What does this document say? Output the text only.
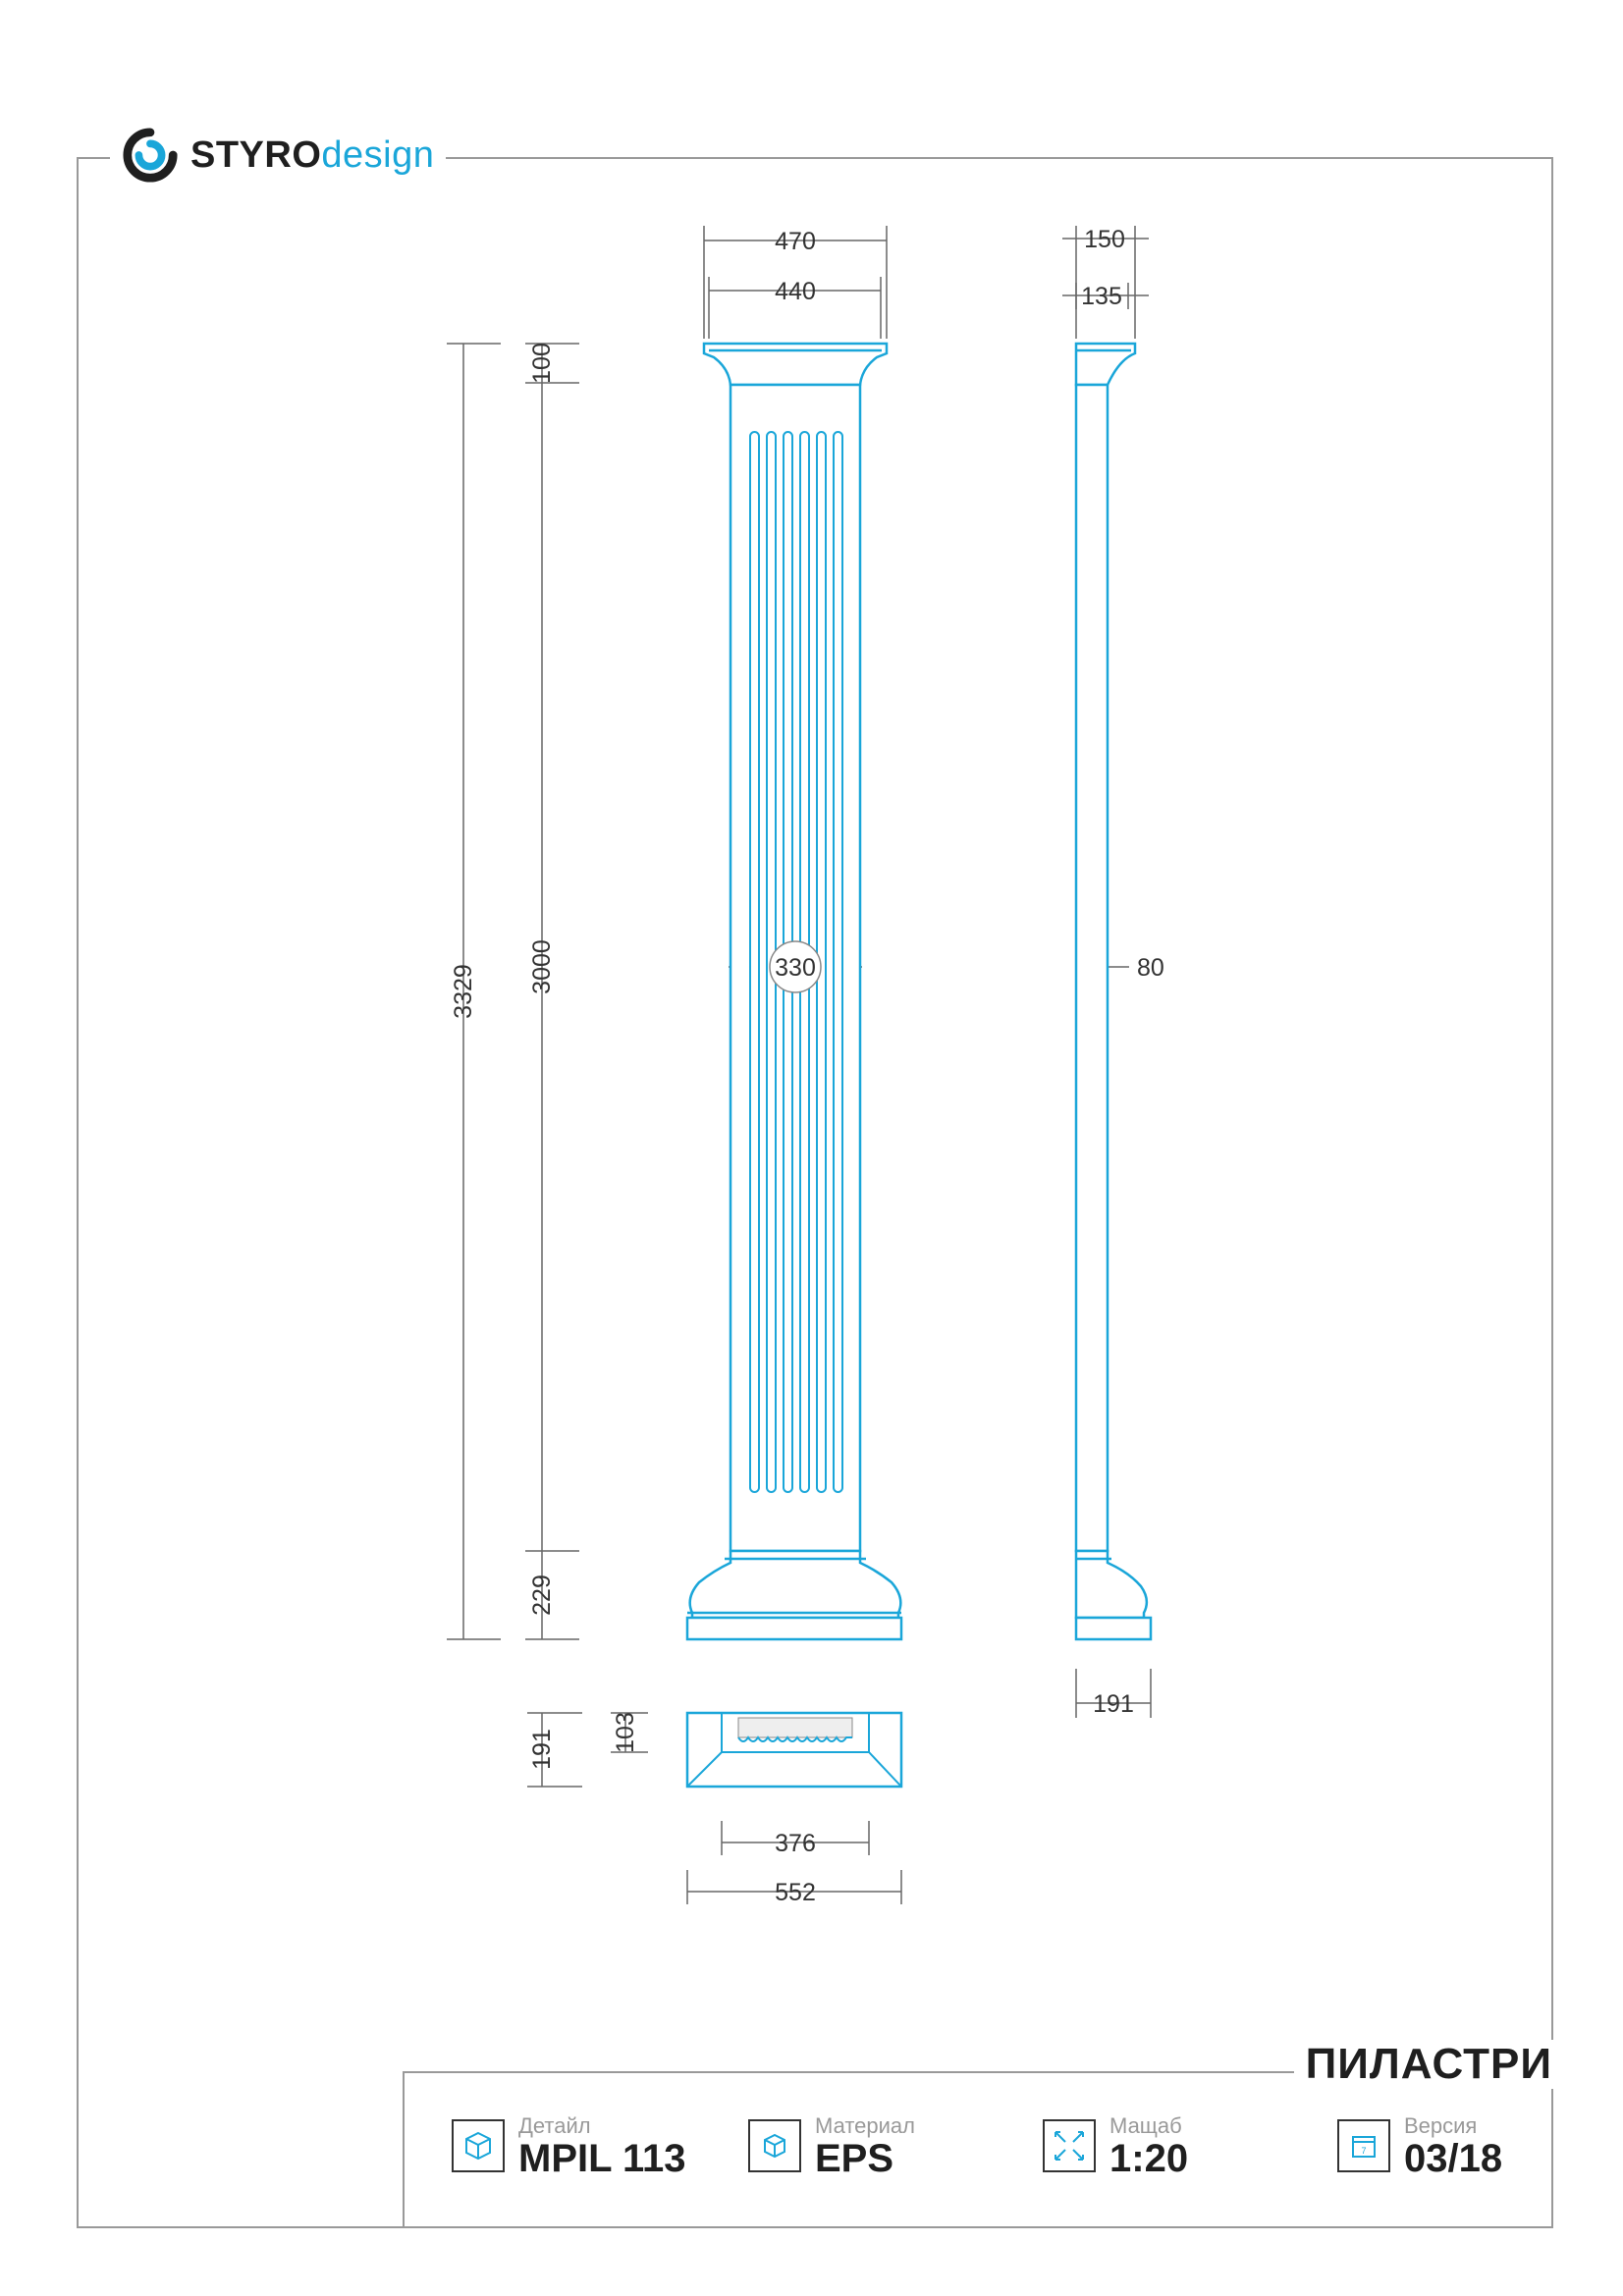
STYROdesign
470
440
150
135
330	80
191
376
552
3329 3000
100
229
191 103
ПИЛАСТРИ
Детайл
MPIL 113
Материал
EPS
Мащаб
1:20	7
Версия
03/18
